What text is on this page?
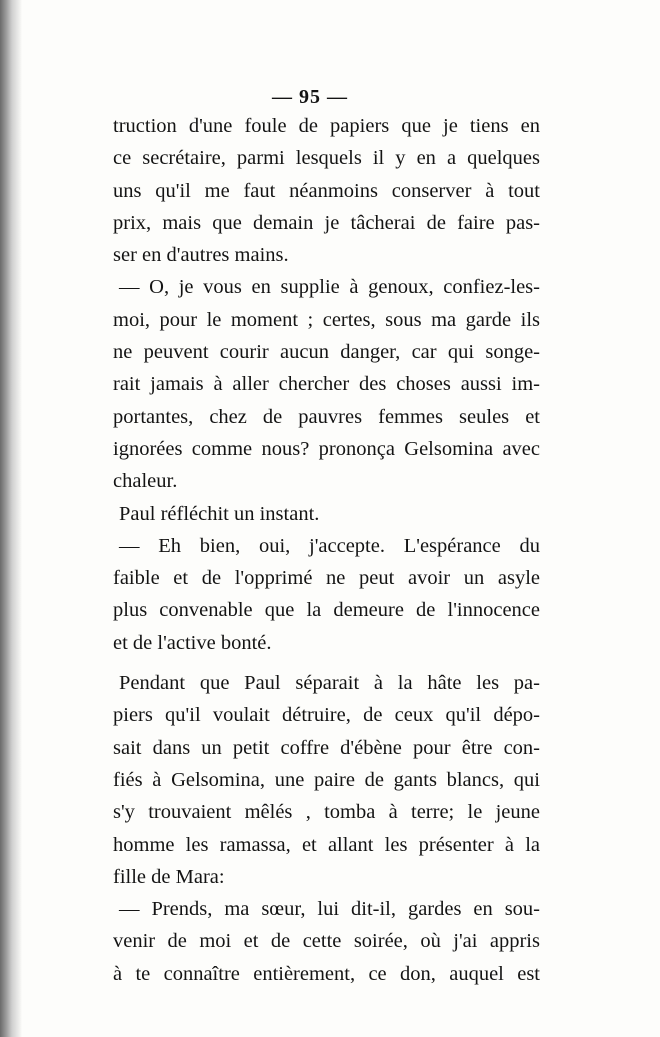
— 95 —
truction d'une foule de papiers que je tiens en
ce secrétaire, parmi lesquels il y en a quelques
uns qu'il me faut néanmoins conserver à tout
prix, mais que demain je tâcherai de faire pas-
ser en d'autres mains.
— O, je vous en supplie à genoux, confiez-les-
moi, pour le moment ; certes, sous ma garde ils
ne peuvent courir aucun danger, car qui songe-
rait jamais à aller chercher des choses aussi im-
portantes, chez de pauvres femmes seules et
ignorées comme nous? prononça Gelsomina avec
chaleur.
Paul réfléchit un instant.
— Eh bien, oui, j'accepte. L'espérance du
faible et de l'opprimé ne peut avoir un asyle
plus convenable que la demeure de l'innocence
et de l'active bonté.
Pendant que Paul séparait à la hâte les pa-
piers qu'il voulait détruire, de ceux qu'il dépo-
sait dans un petit coffre d'ébène pour être con-
fiés à Gelsomina, une paire de gants blancs, qui
s'y trouvaient mêlés , tomba à terre; le jeune
homme les ramassa, et allant les présenter à la
fille de Mara:
— Prends, ma sœur, lui dit-il, gardes en sou-
venir de moi et de cette soirée, où j'ai appris
à te connaître entièrement, ce don, auquel est
